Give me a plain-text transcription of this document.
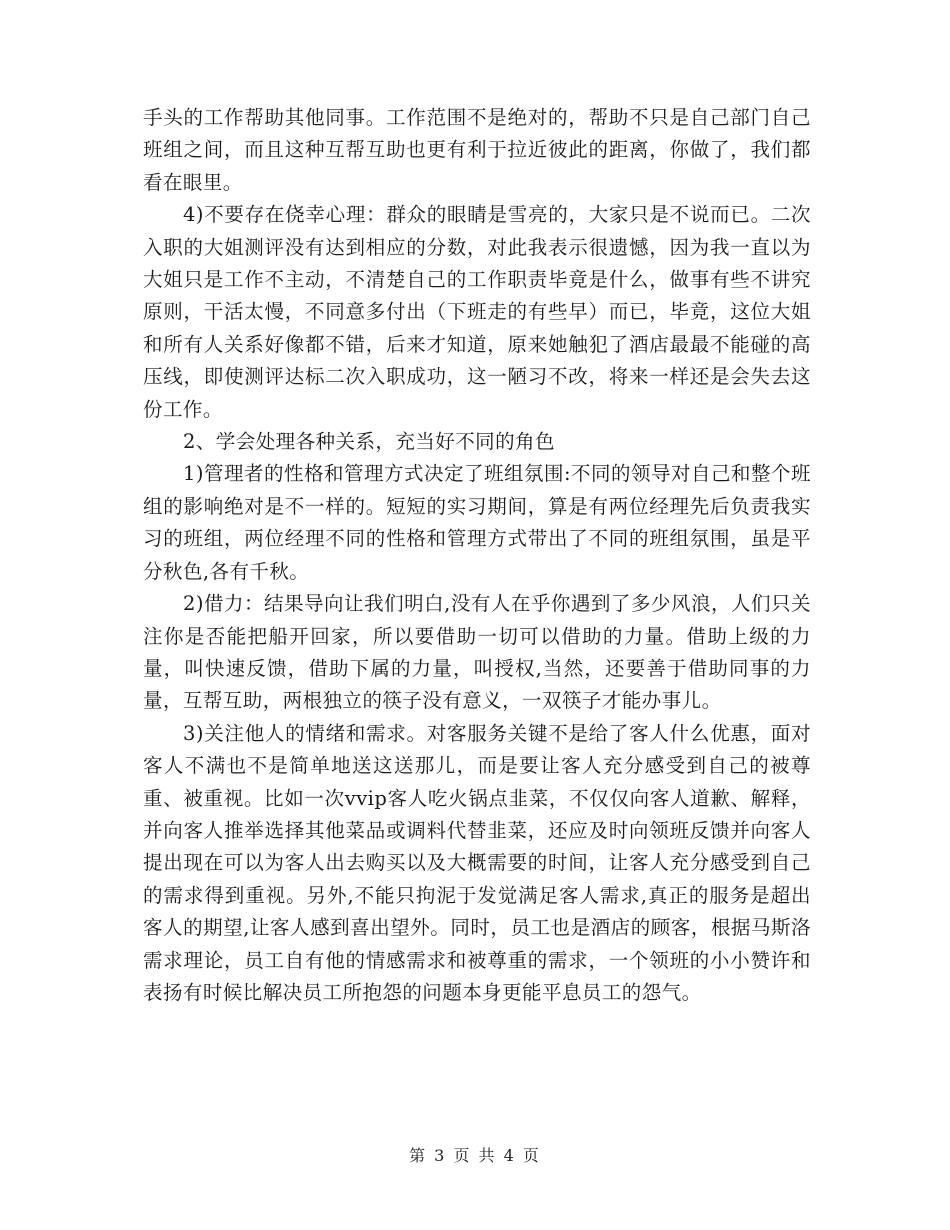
手头的工作帮助其他同事。工作范围不是绝对的，帮助不只是自己部门自己班组之间，而且这种互帮互助也更有利于拉近彼此的距离，你做了，我们都看在眼里。

4)不要存在侥幸心理：群众的眼睛是雪亮的，大家只是不说而已。二次入职的大姐测评没有达到相应的分数，对此我表示很遗憾，因为我一直以为大姐只是工作不主动，不清楚自己的工作职责毕竟是什么，做事有些不讲究原则，干活太慢，不同意多付出（下班走的有些早）而已，毕竟，这位大姐和所有人关系好像都不错，后来才知道，原来她触犯了酒店最最不能碰的高压线，即使测评达标二次入职成功，这一陋习不改，将来一样还是会失去这份工作。

2、学会处理各种关系，充当好不同的角色

1)管理者的性格和管理方式决定了班组氛围:不同的领导对自己和整个班组的影响绝对是不一样的。短短的实习期间，算是有两位经理先后负责我实习的班组，两位经理不同的性格和管理方式带出了不同的班组氛围，虽是平分秋色,各有千秋。

2)借力：结果导向让我们明白,没有人在乎你遇到了多少风浪，人们只关注你是否能把船开回家，所以要借助一切可以借助的力量。借助上级的力量，叫快速反馈，借助下属的力量，叫授权,当然，还要善于借助同事的力量，互帮互助，两根独立的筷子没有意义，一双筷子才能办事儿。

3)关注他人的情绪和需求。对客服务关键不是给了客人什么优惠，面对客人不满也不是简单地送这送那儿，而是要让客人充分感受到自己的被尊重、被重视。比如一次vvip客人吃火锅点韭菜，不仅仅向客人道歉、解释，并向客人推举选择其他菜品或调料代替韭菜，还应及时向领班反馈并向客人提出现在可以为客人出去购买以及大概需要的时间，让客人充分感受到自己的需求得到重视。另外,不能只拘泥于发觉满足客人需求,真正的服务是超出客人的期望,让客人感到喜出望外。同时，员工也是酒店的顾客，根据马斯洛需求理论，员工自有他的情感需求和被尊重的需求，一个领班的小小赞许和表扬有时候比解决员工所抱怨的问题本身更能平息员工的怨气。

第 3 页 共 4 页
